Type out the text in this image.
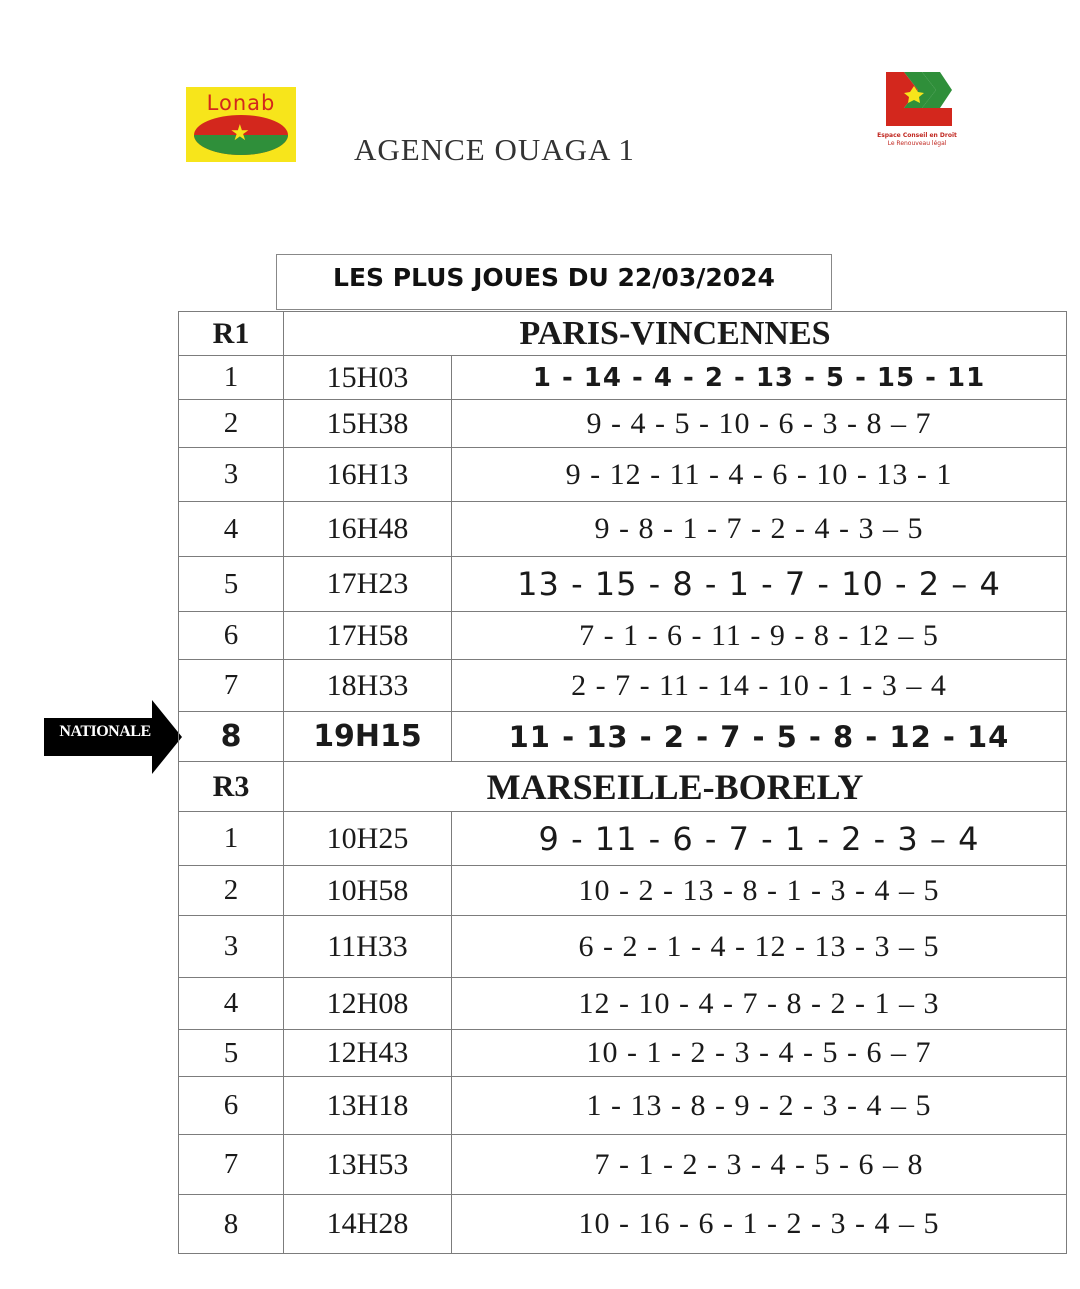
★
Lonab
AGENCE OUAGA 1	Espace Conseil en Droit
Le Renouveau légal
LES PLUS JOUES DU 22/03/2024
NATIONALE
R1	PARIS-VINCENNES
1	15H03	1 - 14 - 4 - 2 - 13 - 5 - 15 - 11
2	15H38	9 - 4 - 5 - 10 - 6 - 3 - 8 – 7
3	16H13	9 - 12 - 11 - 4 - 6 - 10 - 13 - 1
4	16H48	9 - 8 - 1 - 7 - 2 - 4 - 3 – 5
5	17H23	13 - 15 - 8 - 1 - 7 - 10 - 2 – 4
6	17H58	7 - 1 - 6 - 11 - 9 - 8 - 12 – 5
7	18H33	2 - 7 - 11 - 14 - 10 - 1 - 3 – 4
8	19H15	11 - 13 - 2 - 7 - 5 - 8 - 12 - 14
R3	MARSEILLE-BORELY
1	10H25	9 - 11 - 6 - 7 - 1 - 2 - 3 – 4
2	10H58	10 - 2 - 13 - 8 - 1 - 3 - 4 – 5
3	11H33	6 - 2 - 1 - 4 - 12 - 13 - 3 – 5
4	12H08	12 - 10 - 4 - 7 - 8 - 2 - 1 – 3
5	12H43	10 - 1 - 2 - 3 - 4 - 5 - 6 – 7
6	13H18	1 - 13 - 8 - 9 - 2 - 3 - 4 – 5
7	13H53	7 - 1 - 2 - 3 - 4 - 5 - 6 – 8
8	14H28	10 - 16 - 6 - 1 - 2 - 3 - 4 – 5
